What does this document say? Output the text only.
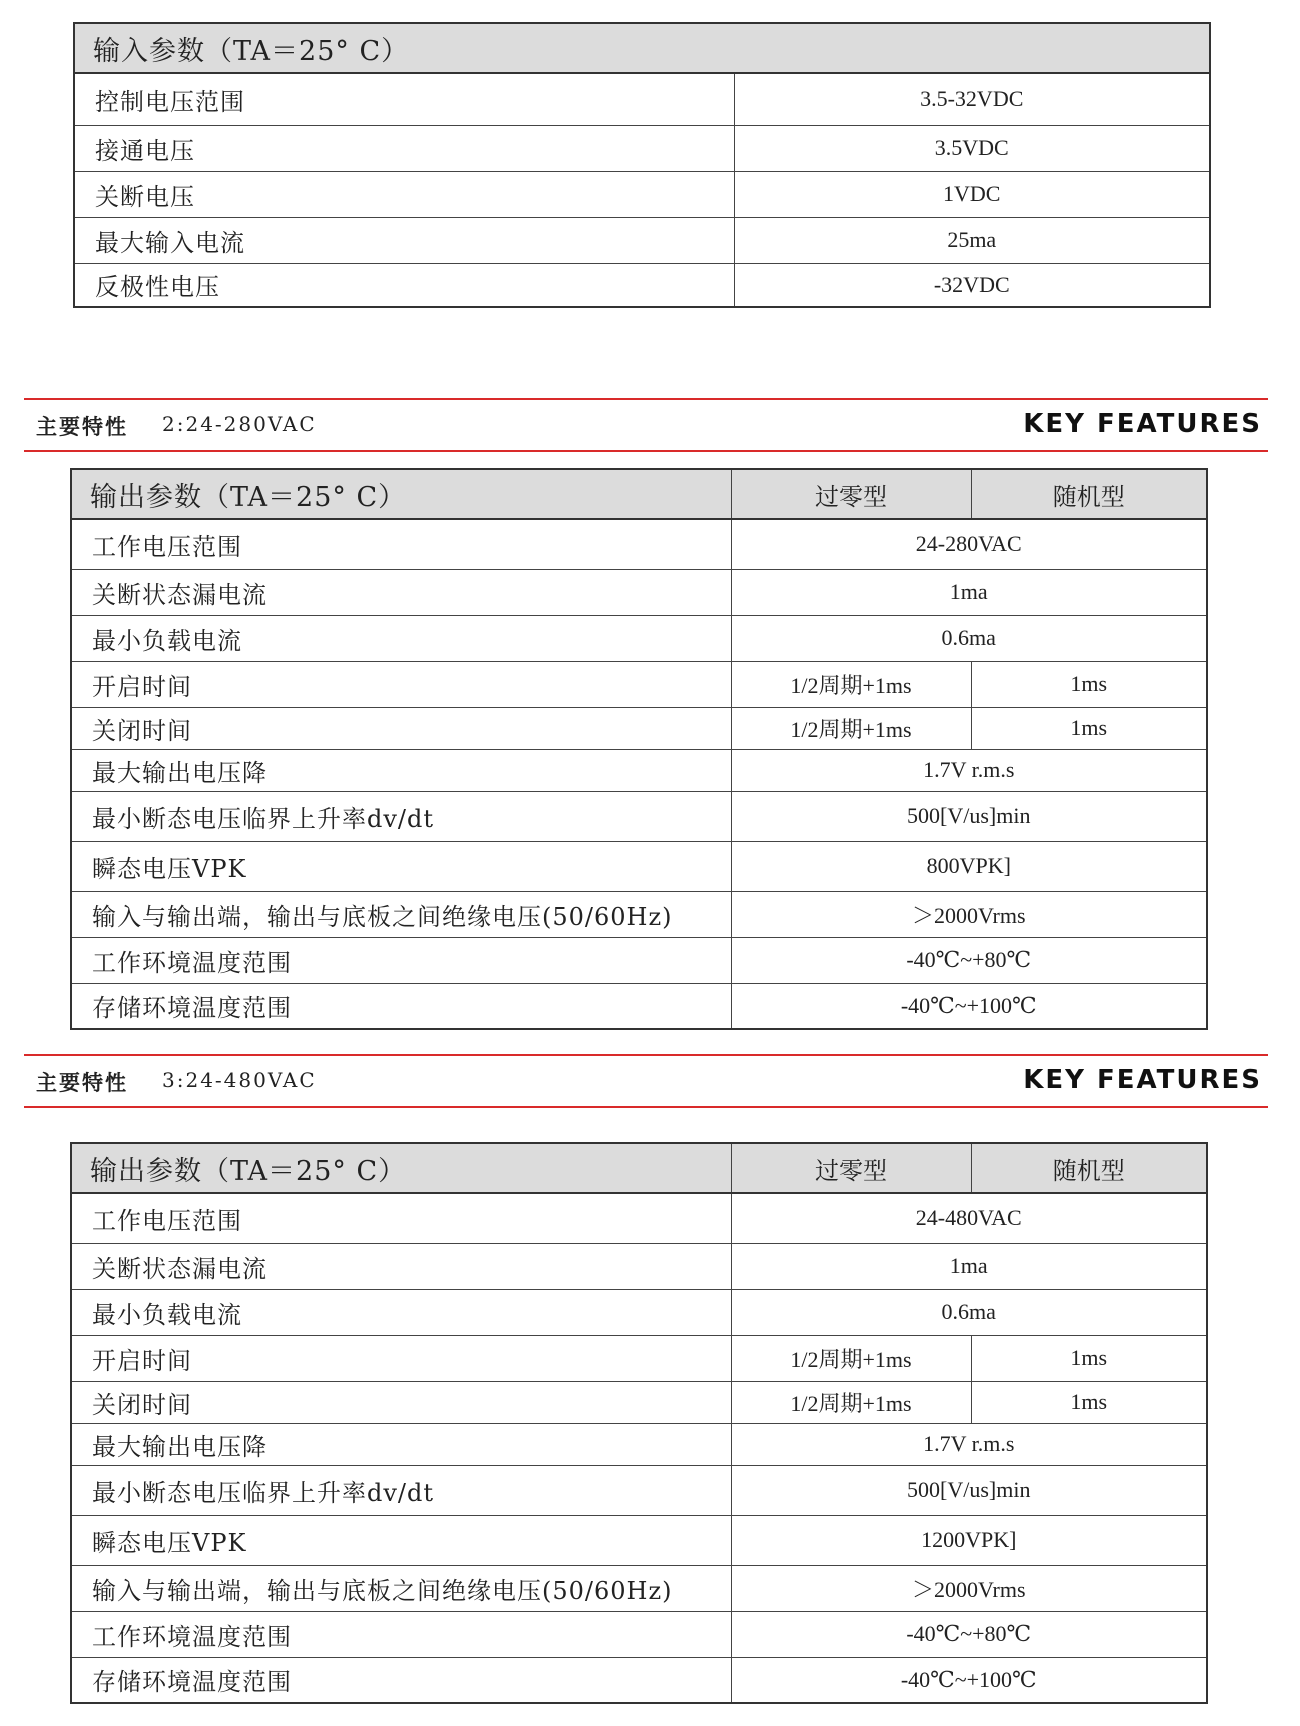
输入参数（TA＝25° C）	
控制电压范围	3.5-32VDC
接通电压	3.5VDC
关断电压	1VDC
最大输入电流	25ma
反极性电压	-32VDC
主要特性 2:24-280VAC	KEY FEATURES
输出参数（TA＝25° C）	过零型	随机型
工作电压范围	24-280VAC	
关断状态漏电流	1ma	
最小负载电流	0.6ma	
开启时间	1/2周期+1ms	1ms
关闭时间	1/2周期+1ms	1ms
最大输出电压降	1.7V r.m.s	
最小断态电压临界上升率dv/dt	500[V/us]min	
瞬态电压VPK	800VPK]	
输入与输出端，输出与底板之间绝缘电压(50/60Hz)	＞2000Vrms	
工作环境温度范围	-40℃~+80℃	
存储环境温度范围	-40℃~+100℃	
主要特性 3:24-480VAC	KEY FEATURES
输出参数（TA＝25° C）	过零型	随机型
工作电压范围	24-480VAC	
关断状态漏电流	1ma	
最小负载电流	0.6ma	
开启时间	1/2周期+1ms	1ms
关闭时间	1/2周期+1ms	1ms
最大输出电压降	1.7V r.m.s	
最小断态电压临界上升率dv/dt	500[V/us]min	
瞬态电压VPK	1200VPK]	
输入与输出端，输出与底板之间绝缘电压(50/60Hz)	＞2000Vrms	
工作环境温度范围	-40℃~+80℃	
存储环境温度范围	-40℃~+100℃	
